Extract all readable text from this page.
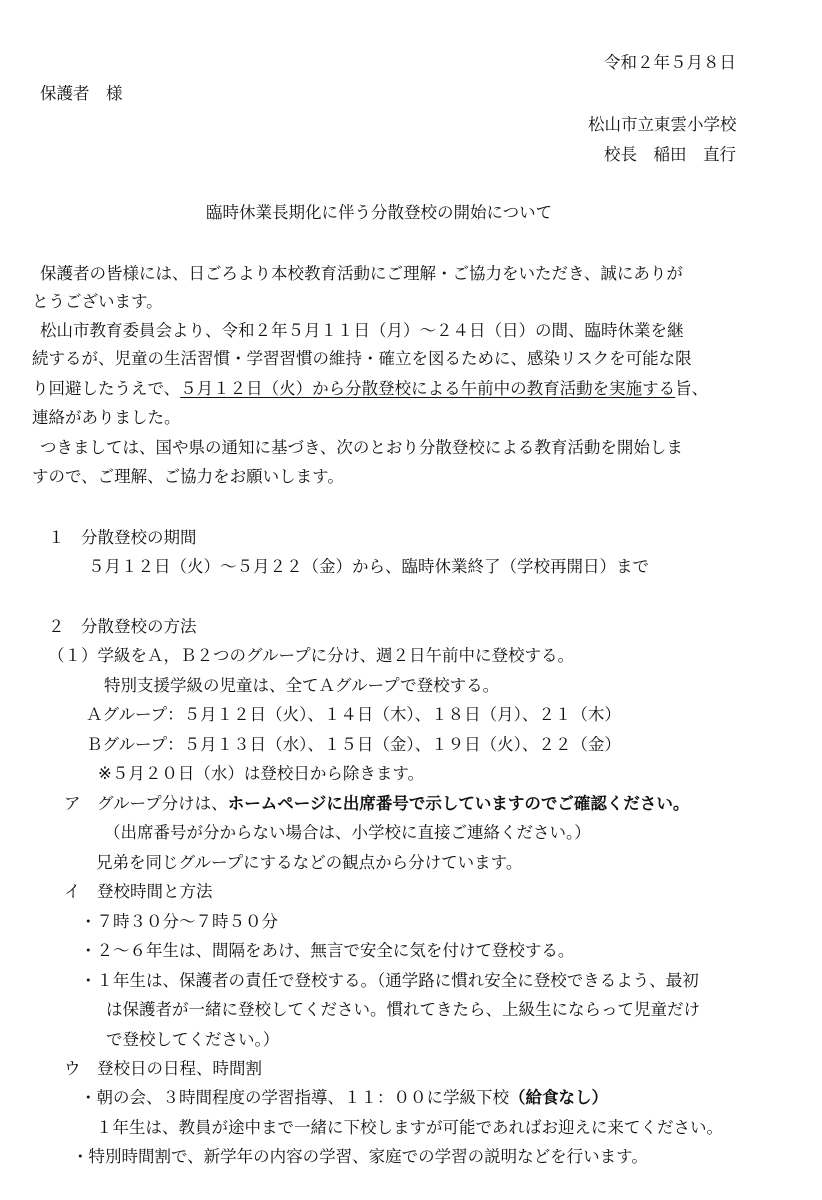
令和２年５月８日
保護者　様
松山市立東雲小学校
校長　稲田　直行
臨時休業長期化に伴う分散登校の開始について
保護者の皆様には、日ごろより本校教育活動にご理解・ご協力をいただき、誠にありが
とうございます。
松山市教育委員会より、令和２年５月１１日（月）～２４日（日）の間、臨時休業を継
続するが、児童の生活習慣・学習習慣の維持・確立を図るために、感染リスクを可能な限
り回避したうえで、５月１２日（火）から分散登校による午前中の教育活動を実施する旨、
連絡がありました。
つきましては、国や県の通知に基づき、次のとおり分散登校による教育活動を開始しま
すので、ご理解、ご協力をお願いします。
１　分散登校の期間
５月１２日（火）～５月２２（金）から、臨時休業終了（学校再開日）まで
２　分散登校の方法
（１）学級をＡ，Ｂ２つのグループに分け、週２日午前中に登校する。
特別支援学級の児童は、全てＡグループで登校する。
Ａグループ：５月１２日（火）、１４日（木）、１８日（月）、２１（木）
Ｂグループ：５月１３日（水）、１５日（金）、１９日（火）、２２（金）
※５月２０日（水）は登校日から除きます。
ア　グループ分けは、ホームページに出席番号で示していますのでご確認ください。
（出席番号が分からない場合は、小学校に直接ご連絡ください。）
兄弟を同じグループにするなどの観点から分けています。
イ　登校時間と方法
・７時３０分～７時５０分
・２～６年生は、間隔をあけ、無言で安全に気を付けて登校する。
・１年生は、保護者の責任で登校する。（通学路に慣れ安全に登校できるよう、最初
は保護者が一緒に登校してください。慣れてきたら、上級生にならって児童だけ
で登校してください。）
ウ　登校日の日程、時間割
・朝の会、３時間程度の学習指導、１１：００に学級下校（給食なし）
１年生は、教員が途中まで一緒に下校しますが可能であればお迎えに来てください。
・特別時間割で、新学年の内容の学習、家庭での学習の説明などを行います。
